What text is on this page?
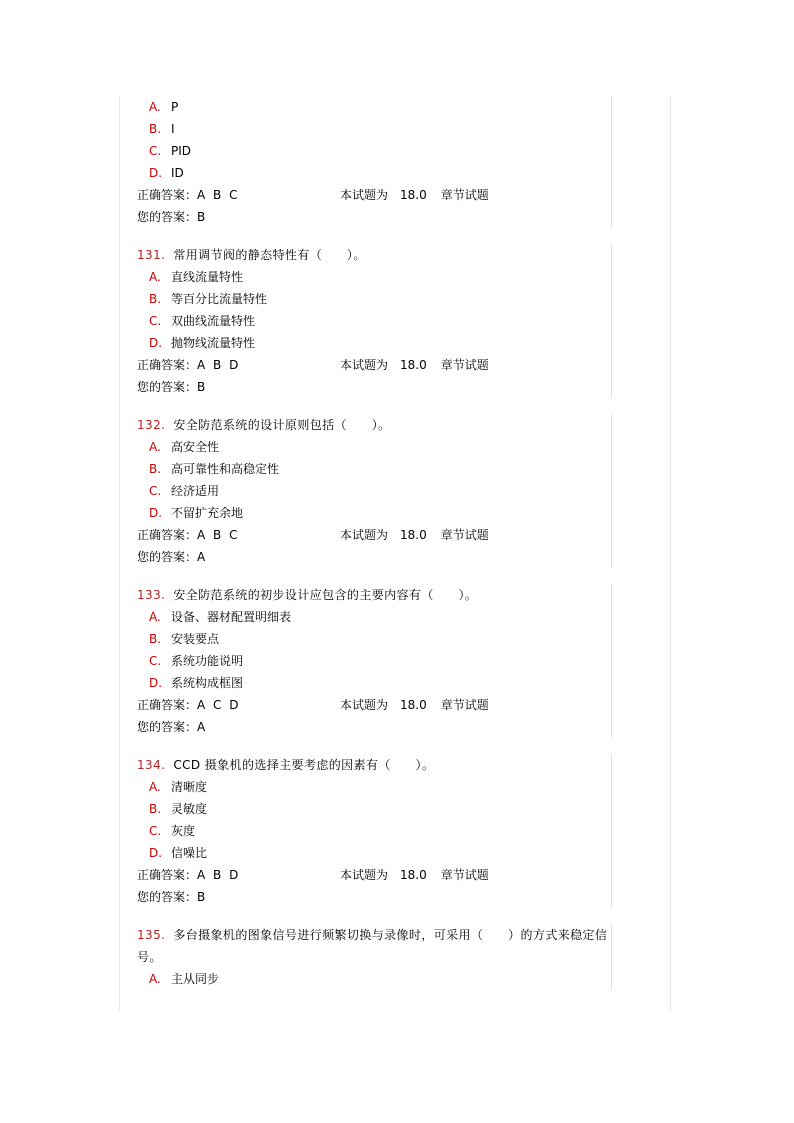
A. P
B. I
C. PID
D. ID
正确答案：A B C	本试题为 18.0 章节试题
您的答案：B
131. 常用调节阀的静态特性有（　　）。
A. 直线流量特性
B. 等百分比流量特性
C. 双曲线流量特性
D. 抛物线流量特性
正确答案：A B D	本试题为 18.0 章节试题
您的答案：B
132. 安全防范系统的设计原则包括（　　）。
A. 高安全性
B. 高可靠性和高稳定性
C. 经济适用
D. 不留扩充余地
正确答案：A B C	本试题为 18.0 章节试题
您的答案：A
133. 安全防范系统的初步设计应包含的主要内容有（　　）。
A. 设备、器材配置明细表
B. 安装要点
C. 系统功能说明
D. 系统构成框图
正确答案：A C D	本试题为 18.0 章节试题
您的答案：A
134. CCD 摄象机的选择主要考虑的因素有（　　）。
A. 清晰度
B. 灵敏度
C. 灰度
D. 信噪比
正确答案：A B D	本试题为 18.0 章节试题
您的答案：B
135. 多台摄象机的图象信号进行频繁切换与录像时，可采用（　　）的方式来稳定信号。
A. 主从同步
